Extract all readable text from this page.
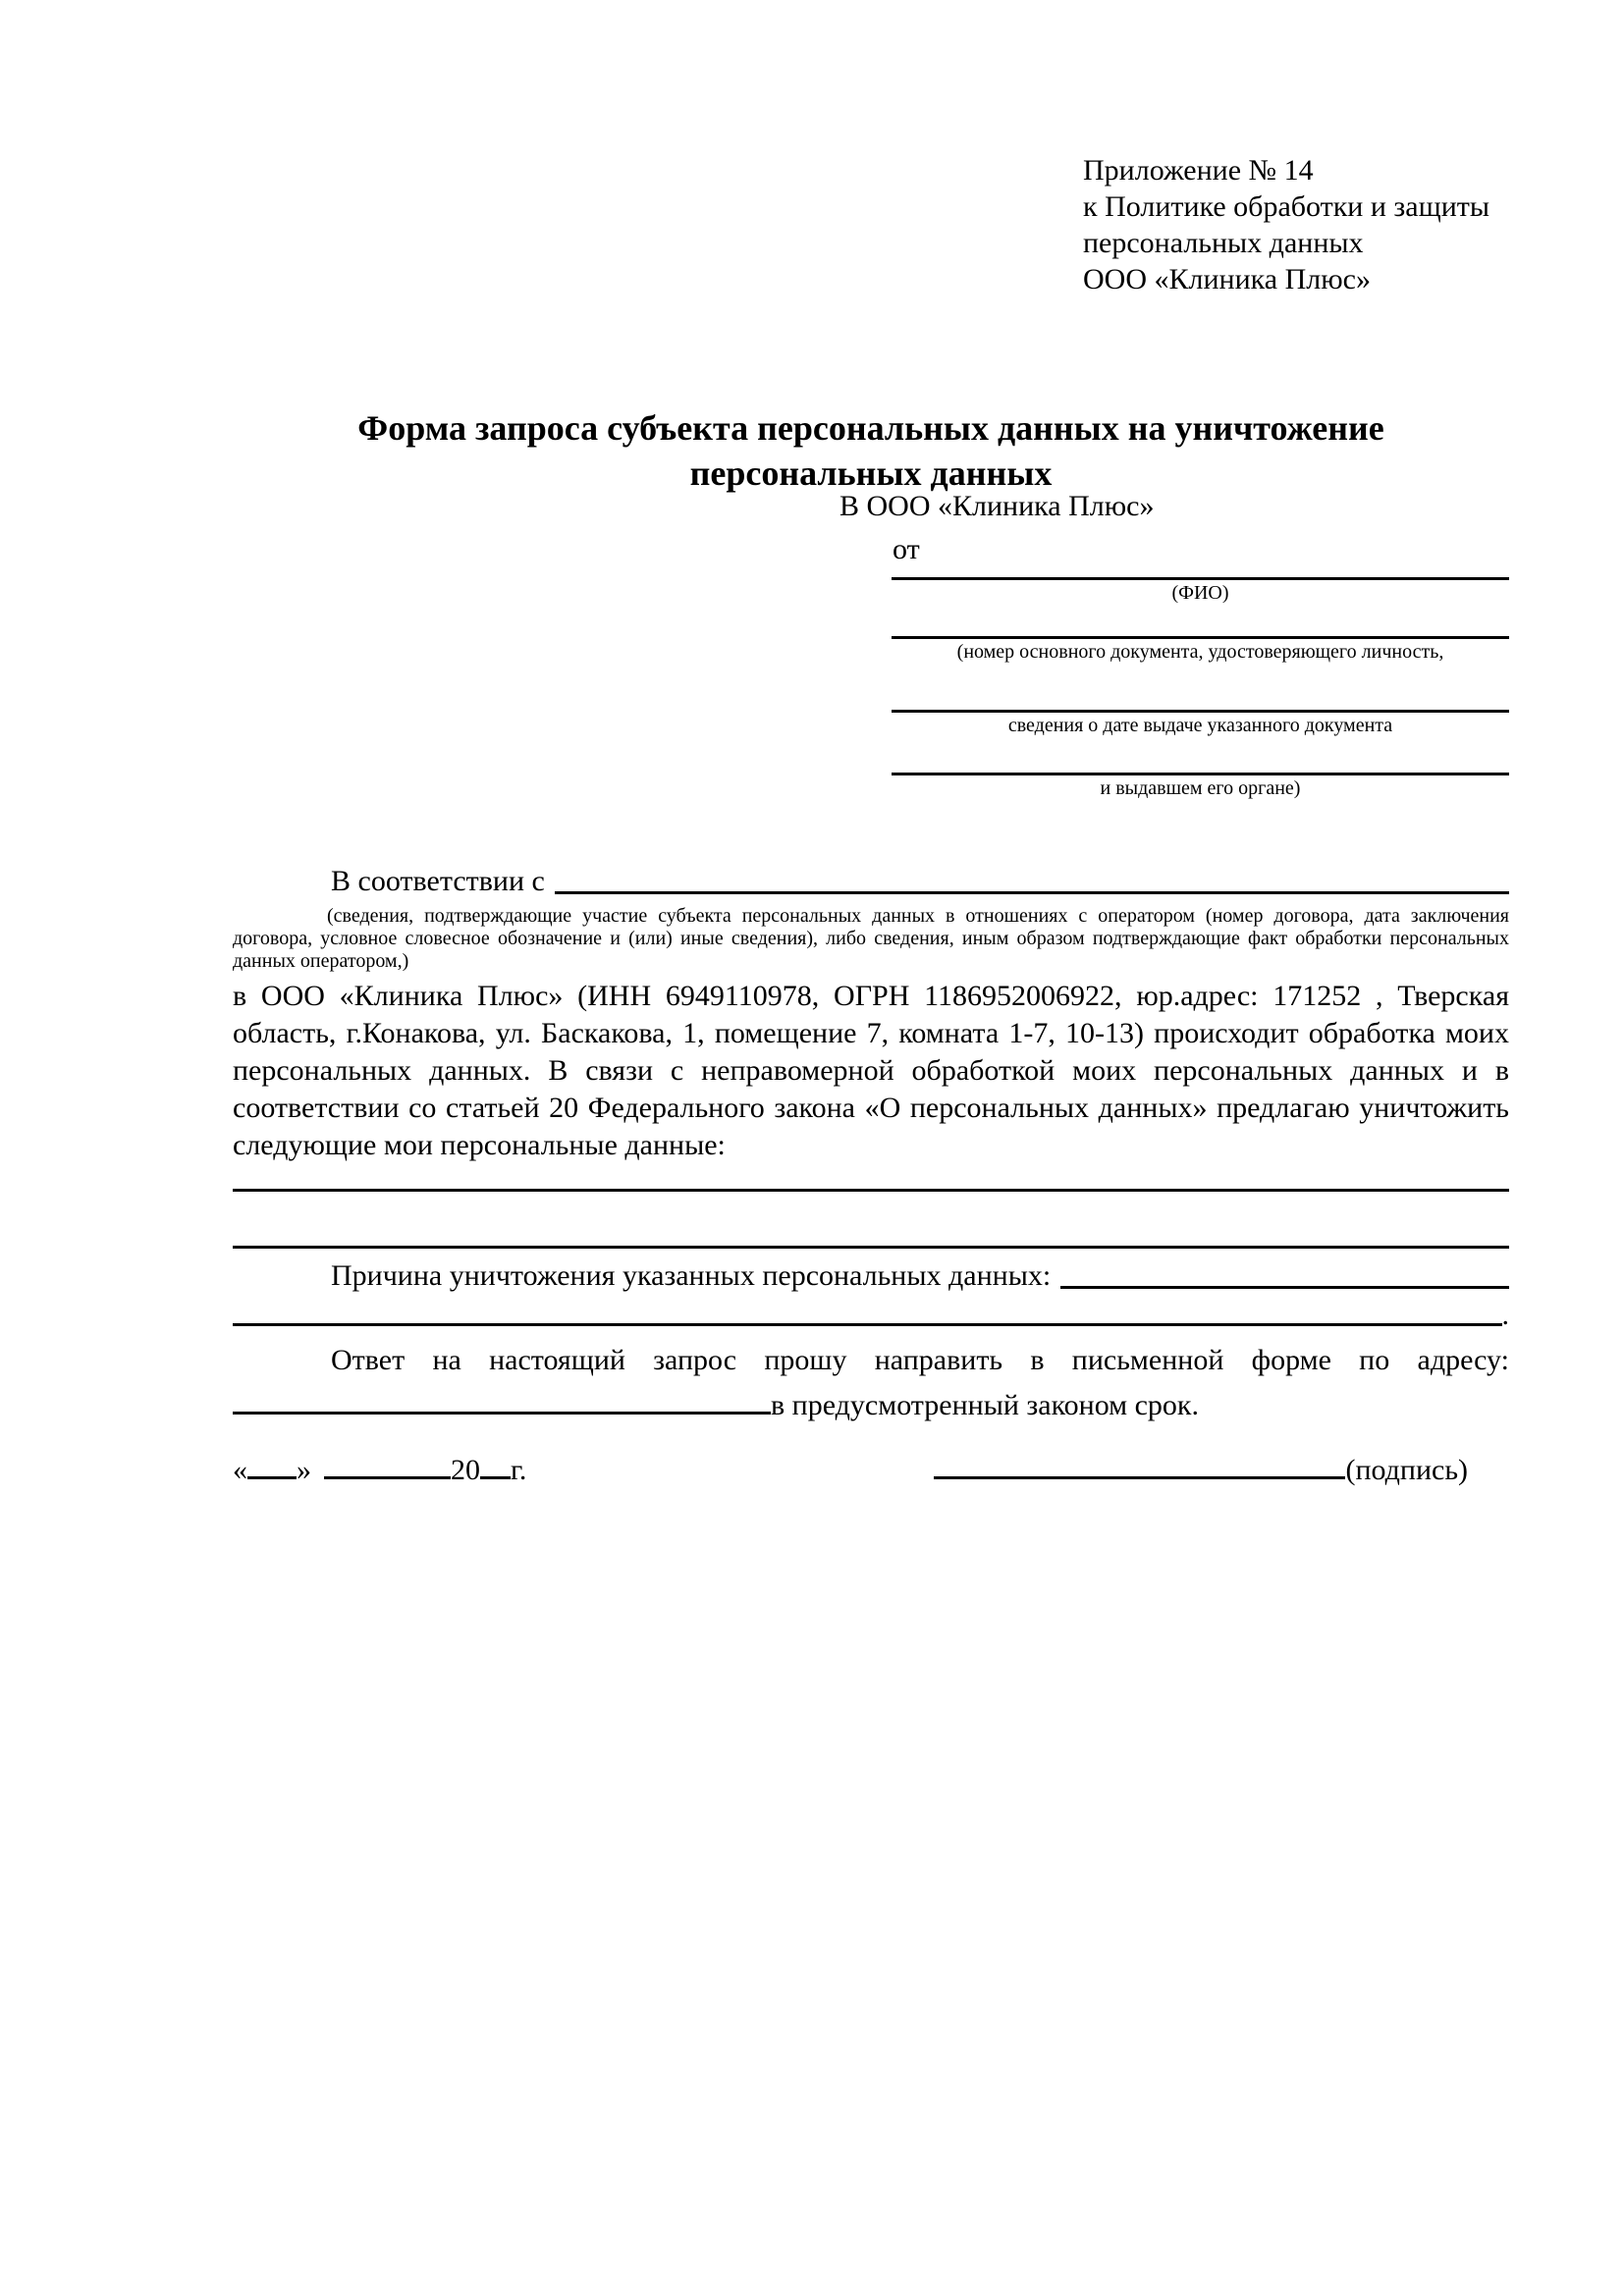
Приложение № 14
к Политике обработки и защиты
персональных данных
ООО «Клиника Плюс»
Форма запроса субъекта персональных данных на уничтожение
персональных данных
В ООО «Клиника Плюс»
от
(ФИО)
(номер основного документа, удостоверяющего личность,
сведения о дате выдаче указанного документа
и выдавшем его органе)
В соответствии с

(сведения, подтверждающие участие субъекта персональных данных в отношениях с оператором (номер договора, дата заключения договора, условное словесное обозначение и (или) иные сведения), либо сведения, иным образом подтверждающие факт обработки персональных данных оператором,)

в ООО «Клиника Плюс» (ИНН 6949110978, ОГРН 1186952006922, юр.адрес: 171252 , Тверская область, г.Конакова, ул. Баскакова, 1, помещение 7, комната 1-7, 10-13) происходит обработка моих персональных данных. В связи с неправомерной обработкой моих персональных данных и в соответствии со статьей 20 Федерального закона «О персональных данных» предлагаю уничтожить следующие мои персональные данные:

Причина уничтожения указанных персональных данных:
.

Ответ на настоящий запрос прошу направить в письменной форме по адресу:

в предусмотренный законом срок.
« »	20 г.	(подпись)
